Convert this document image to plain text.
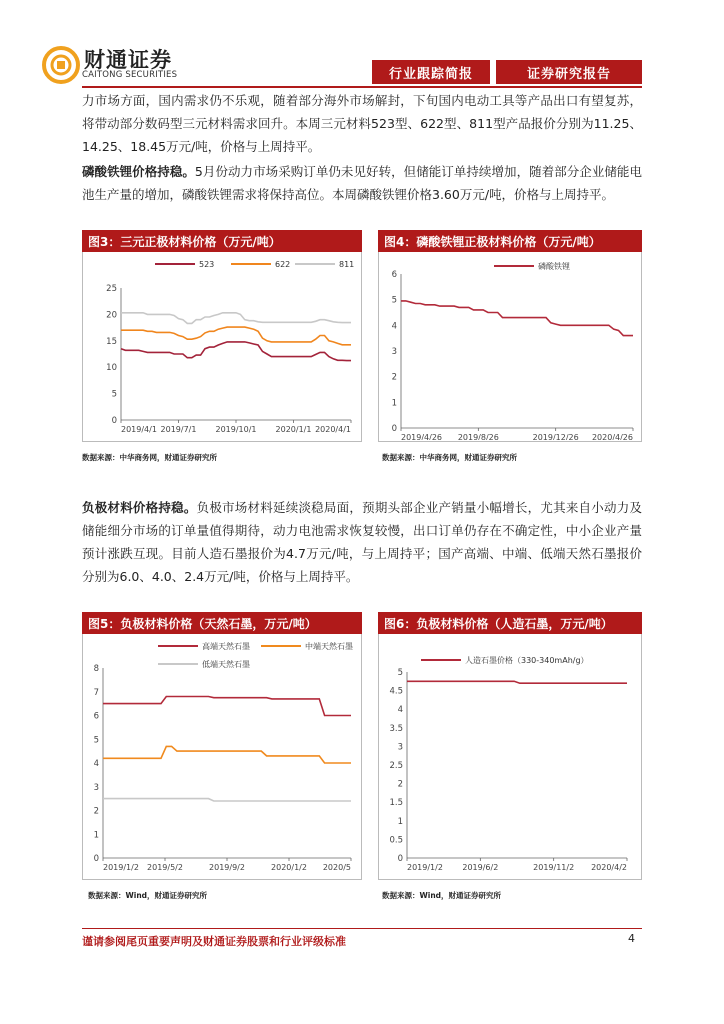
财通证券
CAITONG SECURITIES	行业跟踪简报	证券研究报告
力市场方面，国内需求仍不乐观，随着部分海外市场解封，下旬国内电动工具等产品出口有望复苏，将带动部分数码型三元材料需求回升。本周三元材料523型、622型、811型产品报价分别为11.25、14.25、18.45万元/吨，价格与上周持平。
磷酸铁锂价格持稳。5月份动力市场采购订单仍未见好转，但储能订单持续增加，随着部分企业储能电池生产量的增加，磷酸铁锂需求将保持高位。本周磷酸铁锂价格3.60万元/吨，价格与上周持平。
图3：三元正极材料价格（万元/吨）
0
5
10
15
20
25
2019/4/1 2019/7/1 2019/10/1 2020/1/1 2020/4/1
523	622	811
数据来源：中华商务网，财通证券研究所
图4：磷酸铁锂正极材料价格（万元/吨）
0
1
2
3
4
5
6
2019/4/26 2019/8/26	2019/12/26 2020/4/26
磷酸铁锂
数据来源：中华商务网，财通证券研究所
负极材料价格持稳。负极市场材料延续淡稳局面，预期头部企业产销量小幅增长，尤其来自小动力及储能细分市场的订单量值得期待，动力电池需求恢复较慢，出口订单仍存在不确定性，中小企业产量预计涨跌互现。目前人造石墨报价为4.7万元/吨，与上周持平；国产高端、中端、低端天然石墨报价分别为6.0、4.0、2.4万元/吨，价格与上周持平。
图5：负极材料价格（天然石墨，万元/吨）
0
1
2
3
4
5
6
7
8
2019/1/2 2019/5/2	2019/9/2	2020/1/2 2020/5
高端天然石墨	中端天然石墨
低端天然石墨
数据来源：Wind，财通证券研究所
图6：负极材料价格（人造石墨，万元/吨）
0
0.5
1
1.5
2
2.5
3
3.5
4
4.5
5
2019/1/2 2019/6/2	2019/11/2 2020/4/2
人造石墨价格（330-340mAh/g）
数据来源：Wind，财通证券研究所
谨请参阅尾页重要声明及财通证券股票和行业评级标准	4
